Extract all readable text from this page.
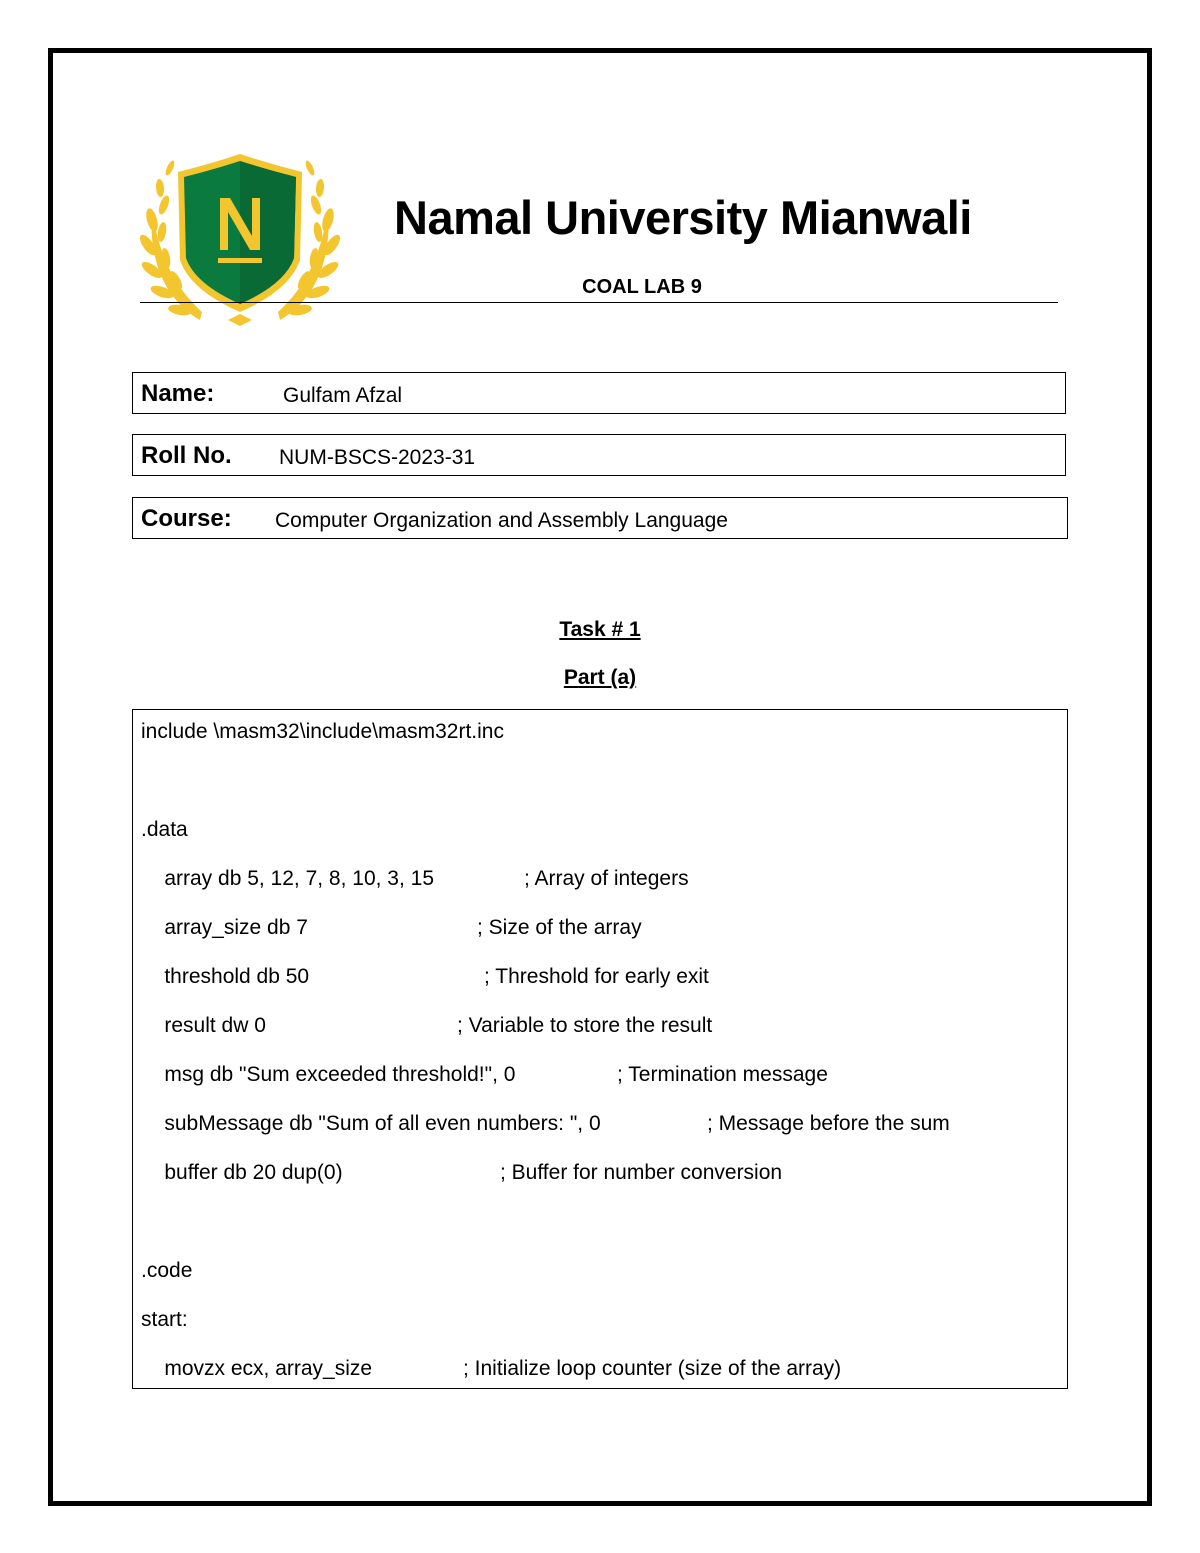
Namal University Mianwali
COAL LAB 9
Name:	Gulfam Afzal
Roll No. NUM-BSCS-2023-31
Course: Computer Organization and Assembly Language
Task # 1
Part (a)
include \masm32\include\masm32rt.inc
.data
array db 5, 12, 7, 8, 10, 3, 15	; Array of integers
array_size db 7	; Size of the array
threshold db 50	; Threshold for early exit
result dw 0	; Variable to store the result
msg db "Sum exceeded threshold!", 0	; Termination message
subMessage db "Sum of all even numbers: ", 0	; Message before the sum
buffer db 20 dup(0)	; Buffer for number conversion
.code
start:
movzx ecx, array_size	; Initialize loop counter (size of the array)
